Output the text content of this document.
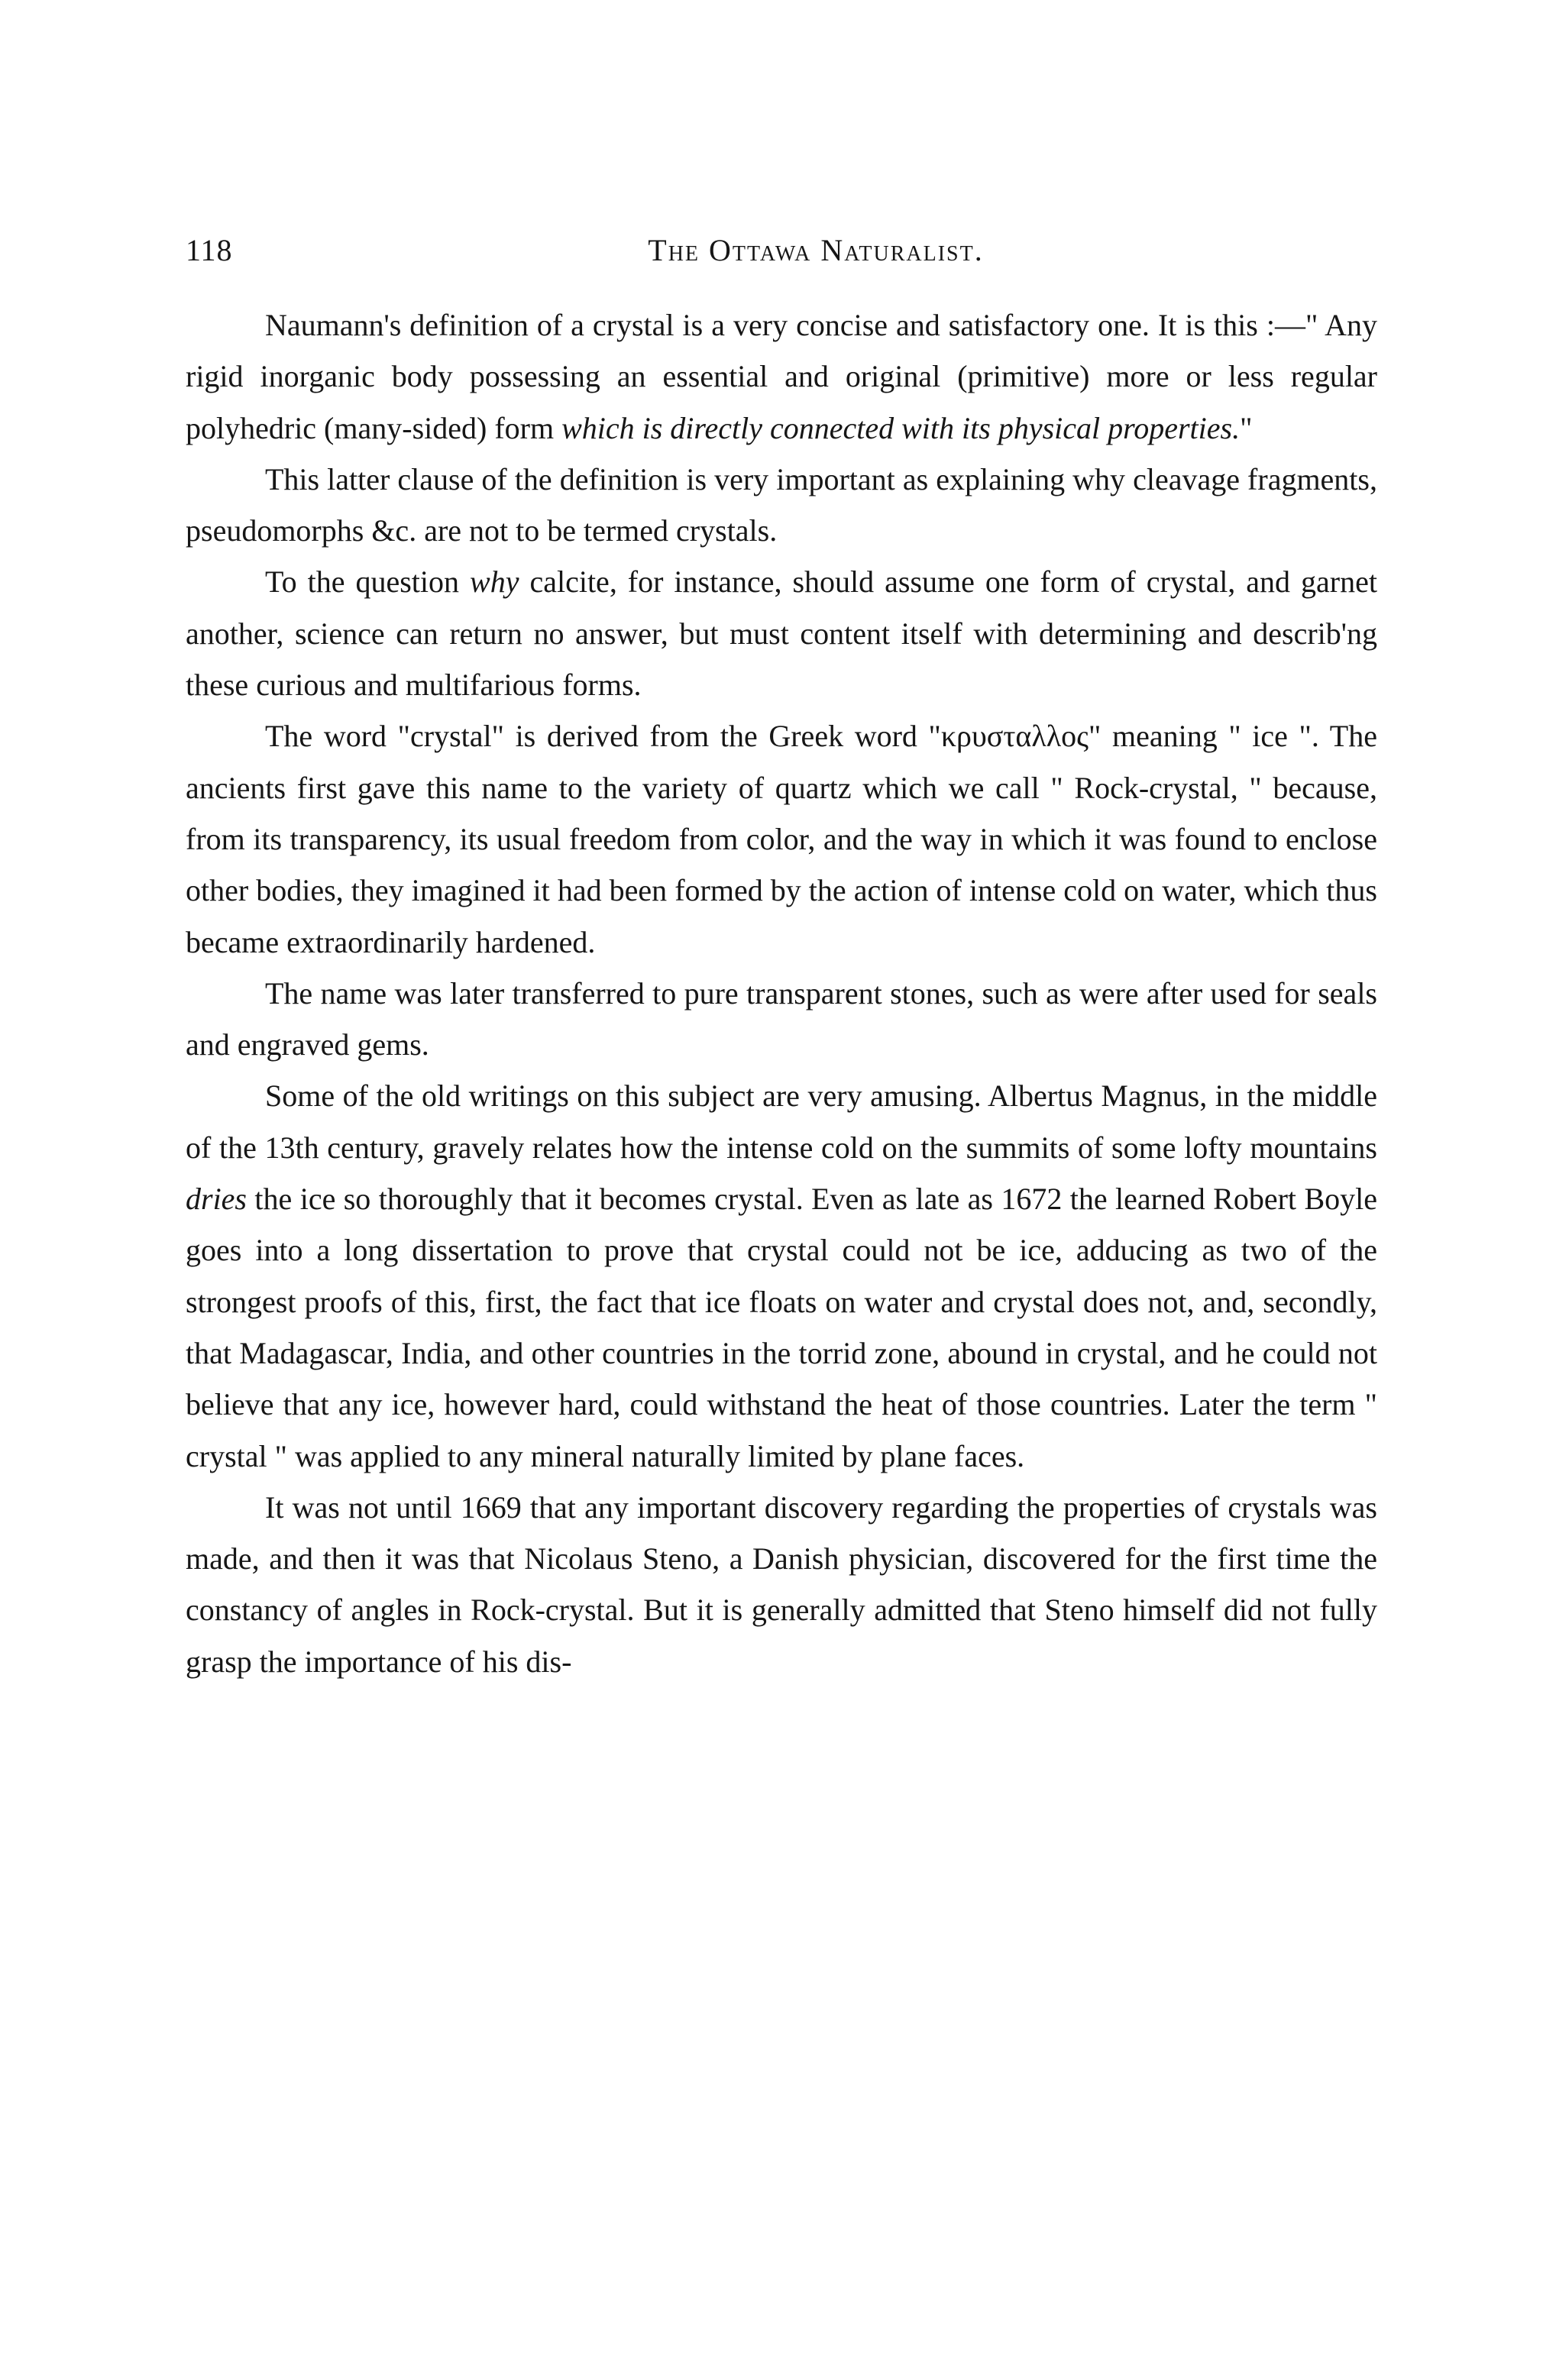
118	The Ottawa Naturalist.

Naumann's definition of a crystal is a very concise and satisfactory one. It is this :—" Any rigid inorganic body possessing an essential and original (primitive) more or less regular polyhedric (many-sided) form which is directly connected with its physical properties."

This latter clause of the definition is very important as explaining why cleavage fragments, pseudomorphs &c. are not to be termed crystals.

To the question why calcite, for instance, should assume one form of crystal, and garnet another, science can return no answer, but must content itself with determining and describ'ng these curious and multifarious forms.

The word "crystal" is derived from the Greek word "κρυσταλλος" meaning " ice ". The ancients first gave this name to the variety of quartz which we call " Rock-crystal, " because, from its transparency, its usual freedom from color, and the way in which it was found to enclose other bodies, they imagined it had been formed by the action of intense cold on water, which thus became extraordinarily hardened.

The name was later transferred to pure transparent stones, such as were after used for seals and engraved gems.

Some of the old writings on this subject are very amusing. Albertus Magnus, in the middle of the 13th century, gravely relates how the intense cold on the summits of some lofty mountains dries the ice so thoroughly that it becomes crystal. Even as late as 1672 the learned Robert Boyle goes into a long dissertation to prove that crystal could not be ice, adducing as two of the strongest proofs of this, first, the fact that ice floats on water and crystal does not, and, secondly, that Madagascar, India, and other countries in the torrid zone, abound in crystal, and he could not believe that any ice, however hard, could withstand the heat of those countries. Later the term " crystal " was applied to any mineral naturally limited by plane faces.

It was not until 1669 that any important discovery regarding the properties of crystals was made, and then it was that Nicolaus Steno, a Danish physician, discovered for the first time the constancy of angles in Rock-crystal. But it is generally admitted that Steno himself did not fully grasp the importance of his dis-
